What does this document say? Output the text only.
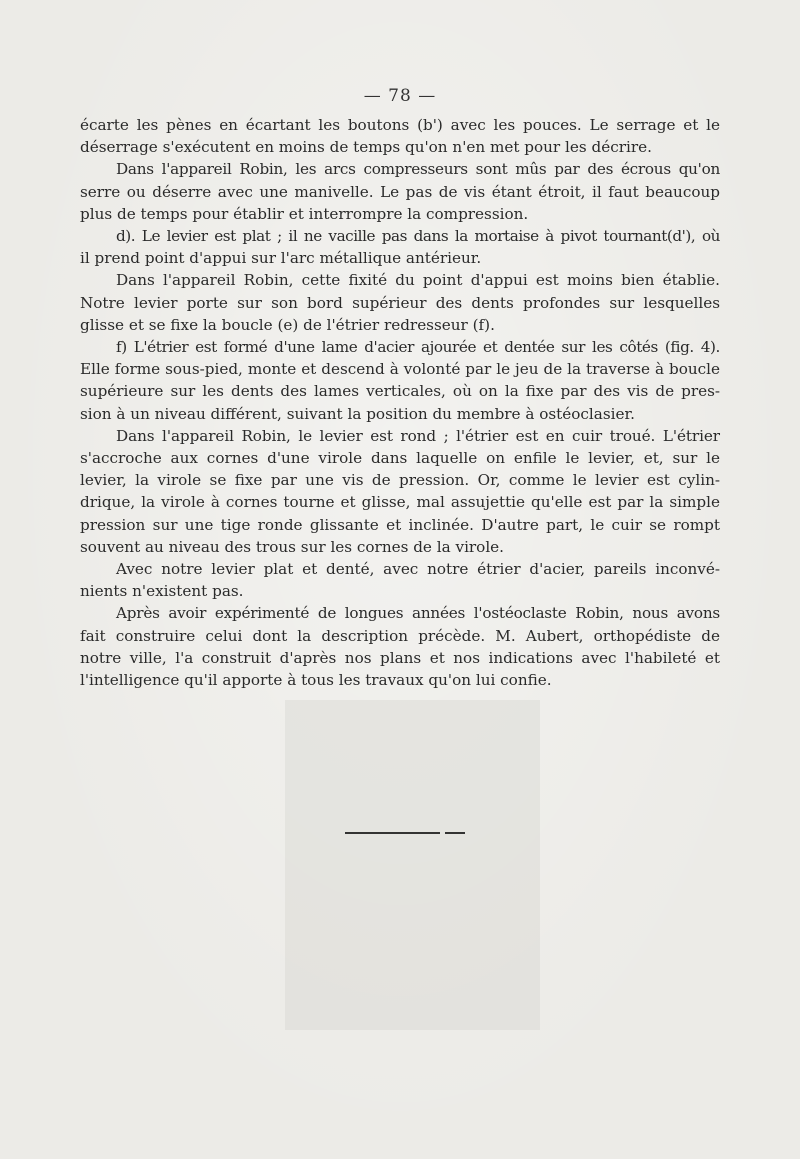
— 78 —
écarte les pènes en écartant les boutons (b') avec les pouces. Le serrage et le
déserrage s'exécutent en moins de temps qu'on n'en met pour les décrire.
Dans l'appareil Robin, les arcs compresseurs sont mûs par des écrous qu'on
serre ou déserre avec une manivelle. Le pas de vis étant étroit, il faut beaucoup
plus de temps pour établir et interrompre la compression.
d). Le levier est plat ; il ne vacille pas dans la mortaise à pivot tournant(d'), où
il prend point d'appui sur l'arc métallique antérieur.
Dans l'appareil Robin, cette fixité du point d'appui est moins bien établie.
Notre levier porte sur son bord supérieur des dents profondes sur lesquelles
glisse et se fixe la boucle (e) de l'étrier redresseur (f).
f) L'étrier est formé d'une lame d'acier ajourée et dentée sur les côtés (fig. 4).
Elle forme sous-pied, monte et descend à volonté par le jeu de la traverse à boucle
supérieure sur les dents des lames verticales, où on la fixe par des vis de pres-
sion à un niveau différent, suivant la position du membre à ostéoclasier.
Dans l'appareil Robin, le levier est rond ; l'étrier est en cuir troué. L'étrier
s'accroche aux cornes d'une virole dans laquelle on enfile le levier, et, sur le
levier, la virole se fixe par une vis de pression. Or, comme le levier est cylin-
drique, la virole à cornes tourne et glisse, mal assujettie qu'elle est par la simple
pression sur une tige ronde glissante et inclinée. D'autre part, le cuir se rompt
souvent au niveau des trous sur les cornes de la virole.
Avec notre levier plat et denté, avec notre étrier d'acier, pareils inconvé-
nients n'existent pas.
Après avoir expérimenté de longues années l'ostéoclaste Robin, nous avons
fait construire celui dont la description précède. M. Aubert, orthopédiste de
notre ville, l'a construit d'après nos plans et nos indications avec l'habileté et
l'intelligence qu'il apporte à tous les travaux qu'on lui confie.
